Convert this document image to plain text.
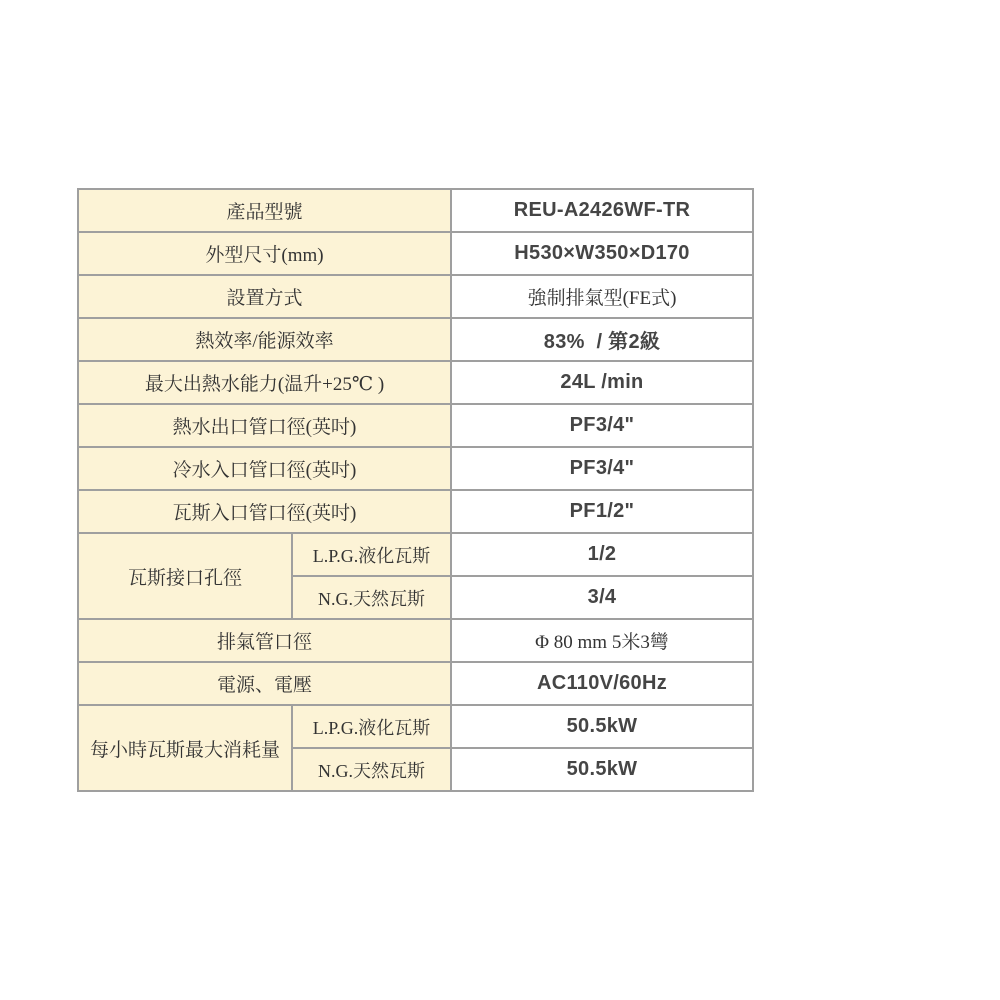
產品型號		REU-A2426WF-TR
外型尺寸(mm)		H530×W350×D170
設置方式		強制排氣型(FE式)
熱效率/能源效率		83%  / 第2級
最大出熱水能力(温升+25℃ )		24L /min
熱水出口管口徑(英吋)		PF3/4"
冷水入口管口徑(英吋)		PF3/4"
瓦斯入口管口徑(英吋)		PF1/2"
瓦斯接口孔徑	L.P.G.液化瓦斯	1/2
	N.G.天然瓦斯	3/4
排氣管口徑		Φ 80 mm 5米3彎
電源、電壓		AC110V/60Hz
每小時瓦斯最大消耗量	L.P.G.液化瓦斯	50.5kW
	N.G.天然瓦斯	50.5kW
